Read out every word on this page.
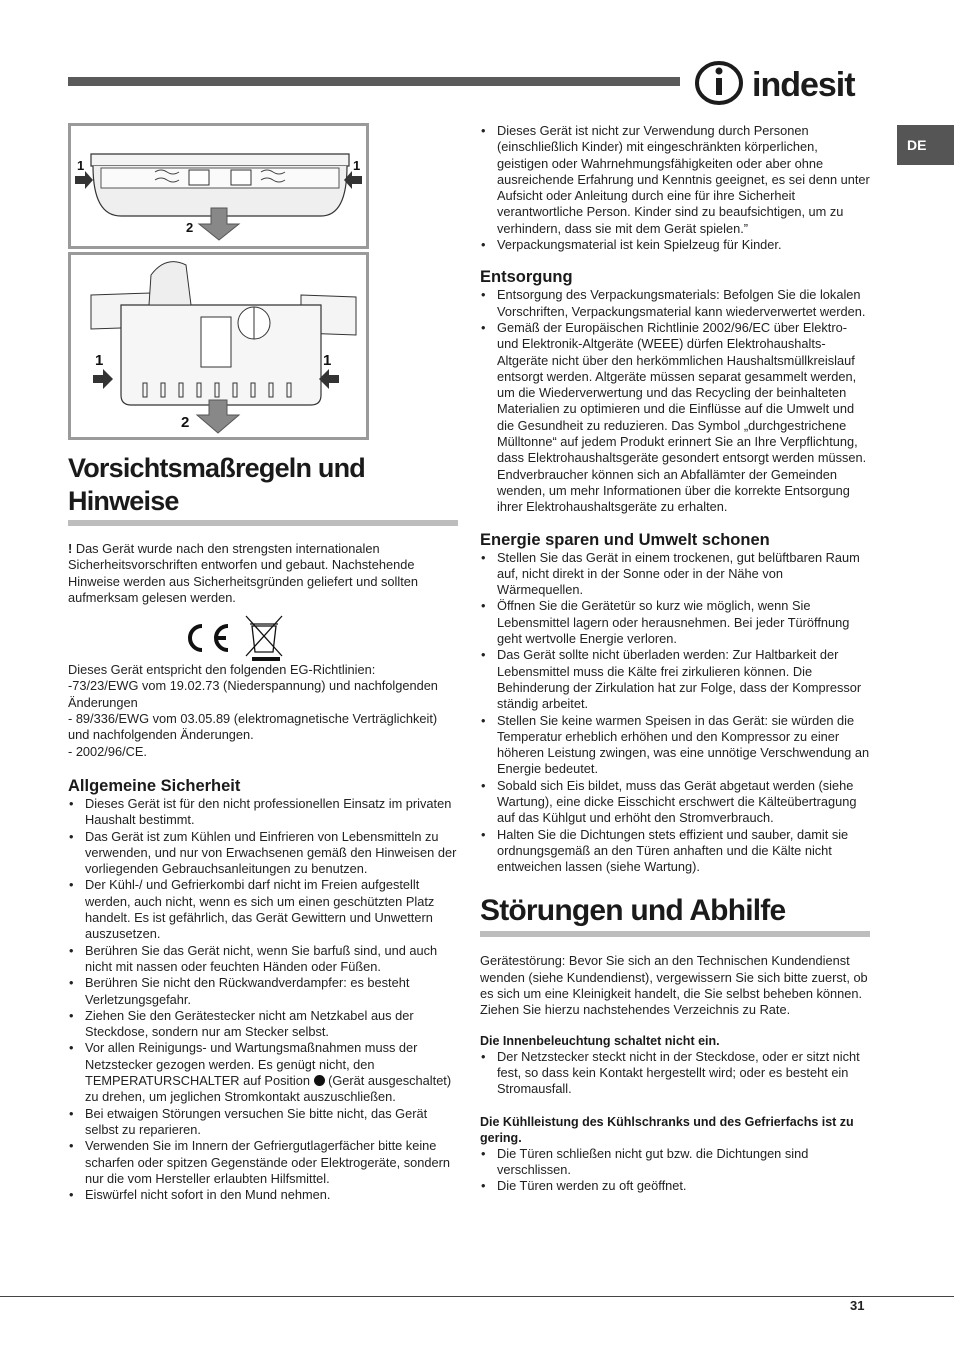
indesit
DE
1	1
2
1	1
2
Vorsichtsmaßregeln und Hinweise

! Das Gerät wurde nach den strengsten internationalen Sicherheitsvorschriften entworfen und gebaut. Nachstehende Hinweise werden aus Sicherheitsgründen geliefert und sollten aufmerksam gelesen werden.

Dieses Gerät entspricht den folgenden EG-Richtlinien:

-73/23/EWG vom 19.02.73 (Niederspannung) und nachfolgenden Änderungen

- 89/336/EWG vom 03.05.89 (elektromagnetische Verträglichkeit) und nachfolgenden Änderungen.

- 2002/96/CE.

Allgemeine Sicherheit
• Dieses Gerät ist für den nicht professionellen Einsatz im privaten Haushalt bestimmt.
• Das Gerät ist zum Kühlen und Einfrieren von Lebensmitteln zu verwenden, und nur von Erwachsenen gemäß den Hinweisen der vorliegenden Gebrauchsanleitungen zu benutzen.
• Der Kühl-/ und Gefrierkombi darf nicht im Freien aufgestellt werden, auch nicht, wenn es sich um einen geschützten Platz handelt. Es ist gefährlich, das Gerät Gewittern und Unwettern auszusetzen.
• Berühren Sie das Gerät nicht, wenn Sie barfuß sind, und auch nicht mit nassen oder feuchten Händen oder Füßen.
• Berühren Sie nicht den Rückwandverdampfer: es besteht Verletzungsgefahr.
• Ziehen Sie den Gerätestecker nicht am Netzkabel aus der Steckdose, sondern nur am Stecker selbst.
• Vor allen Reinigungs- und Wartungsmaßnahmen muss der Netzstecker gezogen werden. Es genügt nicht, den TEMPERATURSCHALTER auf Position  (Gerät ausgeschaltet) zu drehen, um jeglichen Stromkontakt auszuschließen.
• Bei etwaigen Störungen versuchen Sie bitte nicht, das Gerät selbst zu reparieren.
• Verwenden Sie im Innern der Gefriergutlagerfächer bitte keine scharfen oder spitzen Gegenstände oder Elektrogeräte, sondern nur die vom Hersteller erlaubten Hilfsmittel.
• Eiswürfel nicht sofort in den Mund nehmen.
• Dieses Gerät ist nicht zur Verwendung durch Personen (einschließlich Kinder) mit eingeschränkten körperlichen, geistigen oder Wahrnehmungsfähigkeiten oder aber ohne ausreichende Erfahrung und Kenntnis geeignet, es sei denn unter Aufsicht oder Anleitung durch eine für ihre Sicherheit verantwortliche Person. Kinder sind zu beaufsichtigen, um zu verhindern, dass sie mit dem Gerät spielen.”
• Verpackungsmaterial ist kein Spielzeug für Kinder.
Entsorgung
• Entsorgung des Verpackungsmaterials: Befolgen Sie die lokalen Vorschriften, Verpackungsmaterial kann wiederverwertet werden.
• Gemäß der Europäischen Richtlinie 2002/96/EC über Elektro- und Elektronik-Altgeräte (WEEE) dürfen Elektrohaushalts-Altgeräte nicht über den herkömmlichen Haushaltsmüllkreislauf entsorgt werden. Altgeräte müssen separat gesammelt werden, um die Wiederverwertung und das Recycling der beinhalteten Materialien zu optimieren und die Einflüsse auf die Umwelt und die Gesundheit zu reduzieren. Das Symbol „durchgestrichene Mülltonne“ auf jedem Produkt erinnert Sie an Ihre Verpflichtung, dass Elektrohaushaltsgeräte gesondert entsorgt werden müssen. Endverbraucher können sich an Abfallämter der Gemeinden wenden, um mehr Informationen über die korrekte Entsorgung ihrer Elektrohaushaltsgeräte zu erhalten.
Energie sparen und Umwelt schonen
• Stellen Sie das Gerät in einem trockenen, gut belüftbaren Raum auf, nicht direkt in der Sonne oder in der Nähe von Wärmequellen.
• Öffnen Sie die Gerätetür so kurz wie möglich, wenn Sie Lebensmittel lagern oder herausnehmen. Bei jeder Türöffnung geht wertvolle Energie verloren.
• Das Gerät sollte nicht überladen werden: Zur Haltbarkeit der Lebensmittel muss die Kälte frei zirkulieren können. Die Behinderung der Zirkulation hat zur Folge, dass der Kompressor ständig arbeitet.
• Stellen Sie keine warmen Speisen in das Gerät: sie würden die Temperatur erheblich erhöhen und den Kompressor zu einer höheren Leistung zwingen, was eine unnötige Verschwendung an Energie bedeutet.
• Sobald sich Eis bildet, muss das Gerät abgetaut werden (siehe Wartung), eine dicke Eisschicht erschwert die Kälteübertragung auf das Kühlgut und erhöht den Stromverbrauch.
• Halten Sie die Dichtungen stets effizient und sauber, damit sie ordnungsgemäß an den Türen anhaften und die Kälte nicht entweichen lassen (siehe Wartung).
Störungen und Abhilfe

Gerätestörung: Bevor Sie sich an den Technischen Kundendienst wenden (siehe Kundendienst), vergewissern Sie sich bitte zuerst, ob es sich um eine Kleinigkeit handelt, die Sie selbst beheben können. Ziehen Sie hierzu nachstehendes Verzeichnis zu Rate.

Die Innenbeleuchtung schaltet nicht ein.
• Der Netzstecker steckt nicht in der Steckdose, oder er sitzt nicht fest, so dass kein Kontakt hergestellt wird; oder es besteht ein Stromausfall.
Die Kühlleistung des Kühlschranks und des Gefrierfachs ist zu gering.
• Die Türen schließen nicht gut bzw. die Dichtungen sind verschlissen.
• Die Türen werden zu oft geöffnet.
31
